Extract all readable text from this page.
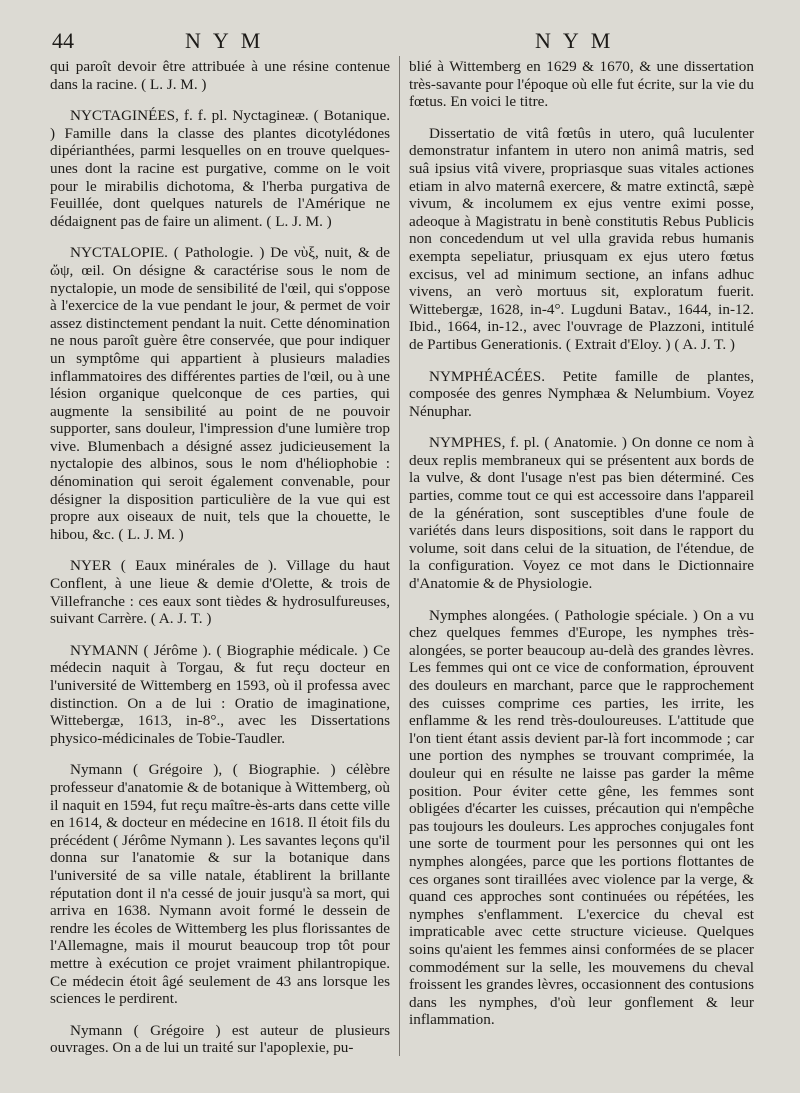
44	NYM	NYM

qui paroît devoir être attribuée à une résine contenue dans la racine. ( L. J. M. )

NYCTAGINÉES, f. f. pl. Nyctagineæ. ( Botanique. ) Famille dans la classe des plantes dicotylédones dipérianthées, parmi lesquelles on en trouve quelques-unes dont la racine est purgative, comme on le voit pour le mirabilis dichotoma, & l'herba purgativa de Feuillée, dont quelques naturels de l'Amérique ne dédaignent pas de faire un aliment. ( L. J. M. )

NYCTALOPIE. ( Pathologie. ) De νὺξ, nuit, & de ὤψ, œil. On désigne & caractérise sous le nom de nyctalopie, un mode de sensibilité de l'œil, qui s'oppose à l'exercice de la vue pendant le jour, & permet de voir assez distinctement pendant la nuit. Cette dénomination ne nous paroît guère être conservée, que pour indiquer un symptôme qui appartient à plusieurs maladies inflammatoires des différentes parties de l'œil, ou à une lésion organique quelconque de ces parties, qui augmente la sensibilité au point de ne pouvoir supporter, sans douleur, l'impression d'une lumière trop vive. Blumenbach a désigné assez judicieusement la nyctalopie des albinos, sous le nom d'héliophobie : dénomination qui seroit également convenable, pour désigner la disposition particulière de la vue qui est propre aux oiseaux de nuit, tels que la chouette, le hibou, &c. ( L. J. M. )

NYER ( Eaux minérales de ). Village du haut Conflent, à une lieue & demie d'Olette, & trois de Villefranche : ces eaux sont tièdes & hydrosulfureuses, suivant Carrère. ( A. J. T. )

NYMANN ( Jérôme ). ( Biographie médicale. ) Ce médecin naquit à Torgau, & fut reçu docteur en l'université de Wittemberg en 1593, où il professa avec distinction. On a de lui : Oratio de imaginatione, Wittebergæ, 1613, in-8°., avec les Dissertations physico-médicinales de Tobie-Taudler.

Nymann ( Grégoire ), ( Biographie. ) célèbre professeur d'anatomie & de botanique à Wittemberg, où il naquit en 1594, fut reçu maître-ès-arts dans cette ville en 1614, & docteur en médecine en 1618. Il étoit fils du précédent ( Jérôme Nymann ). Les savantes leçons qu'il donna sur l'anatomie & sur la botanique dans l'université de sa ville natale, établirent la brillante réputation dont il n'a cessé de jouir jusqu'à sa mort, qui arriva en 1638. Nymann avoit formé le dessein de rendre les écoles de Wittemberg les plus florissantes de l'Allemagne, mais il mourut beaucoup trop tôt pour mettre à exécution ce projet vraiment philantropique. Ce médecin étoit âgé seulement de 43 ans lorsque les sciences le perdirent.

Nymann ( Grégoire ) est auteur de plusieurs ouvrages. On a de lui un traité sur l'apoplexie, pu-

blié à Wittemberg en 1629 & 1670, & une dissertation très-savante pour l'époque où elle fut écrite, sur la vie du fœtus. En voici le titre.

Dissertatio de vitâ fœtûs in utero, quâ luculenter demonstratur infantem in utero non animâ matris, sed suâ ipsius vitâ vivere, propriasque suas vitales actiones etiam in alvo maternâ exercere, & matre extinctâ, sæpè vivum, & incolumem ex ejus ventre eximi posse, adeoque à Magistratu in benè constitutis Rebus Publicis non concedendum ut vel ulla gravida rebus humanis exempta sepeliatur, priusquam ex ejus utero fœtus excisus, vel ad minimum sectione, an infans adhuc vivens, an verò mortuus sit, exploratum fuerit. Wittebergæ, 1628, in-4°. Lugduni Batav., 1644, in-12. Ibid., 1664, in-12., avec l'ouvrage de Plazzoni, intitulé de Partibus Generationis. ( Extrait d'Eloy. ) ( A. J. T. )

NYMPHÉACÉES. Petite famille de plantes, composée des genres Nymphæa & Nelumbium. Voyez Nénuphar.

NYMPHES, f. pl. ( Anatomie. ) On donne ce nom à deux replis membraneux qui se présentent aux bords de la vulve, & dont l'usage n'est pas bien déterminé. Ces parties, comme tout ce qui est accessoire dans l'appareil de la génération, sont susceptibles d'une foule de variétés dans leurs dispositions, soit dans le rapport du volume, soit dans celui de la situation, de l'étendue, de la configuration. Voyez ce mot dans le Dictionnaire d'Anatomie & de Physiologie.

Nymphes alongées. ( Pathologie spéciale. ) On a vu chez quelques femmes d'Europe, les nymphes très-alongées, se porter beaucoup au-delà des grandes lèvres. Les femmes qui ont ce vice de conformation, éprouvent des douleurs en marchant, parce que le rapprochement des cuisses comprime ces parties, les irrite, les enflamme & les rend très-douloureuses. L'attitude que l'on tient étant assis devient par-là fort incommode ; car une portion des nymphes se trouvant comprimée, la douleur qui en résulte ne laisse pas garder la même position. Pour éviter cette gêne, les femmes sont obligées d'écarter les cuisses, précaution qui n'empêche pas toujours les douleurs. Les approches conjugales font une sorte de tourment pour les personnes qui ont les nymphes alongées, parce que les portions flottantes de ces organes sont tiraillées avec violence par la verge, & quand ces approches sont continuées ou répétées, les nymphes s'enflamment. L'exercice du cheval est impraticable avec cette structure vicieuse. Quelques soins qu'aient les femmes ainsi conformées de se placer commodément sur la selle, les mouvemens du cheval froissent les grandes lèvres, occasionnent des contusions dans les nymphes, d'où leur gonflement & leur inflammation.
